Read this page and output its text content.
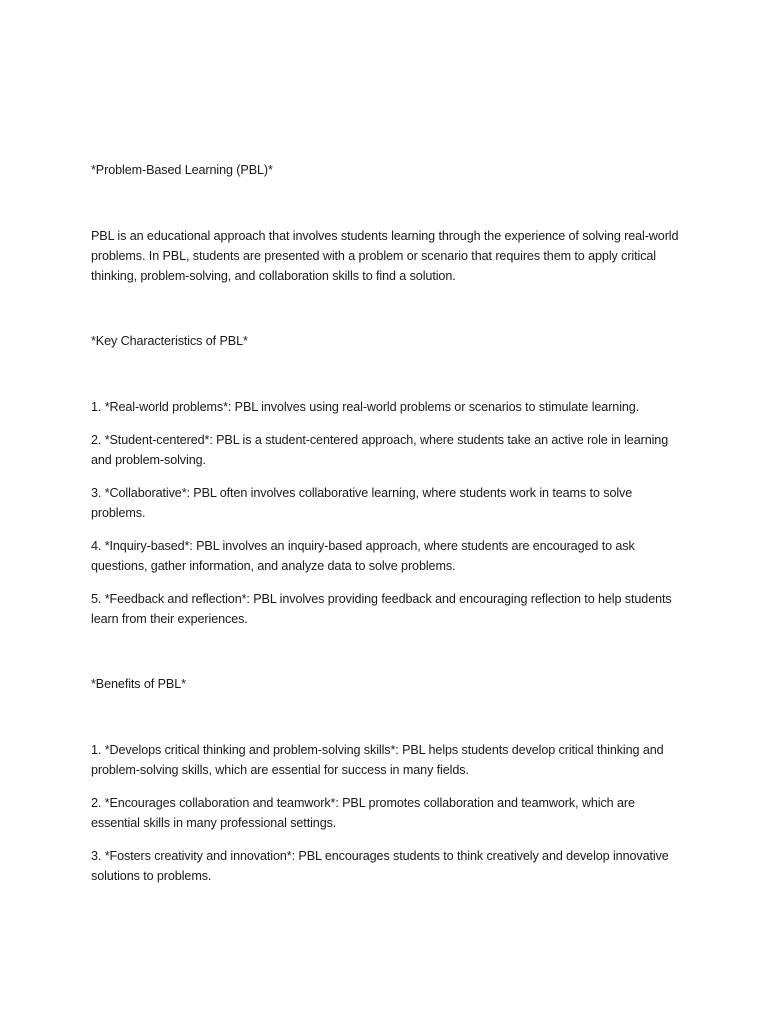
*Problem-Based Learning (PBL)*

PBL is an educational approach that involves students learning through the experience of solving real-world problems. In PBL, students are presented with a problem or scenario that requires them to apply critical thinking, problem-solving, and collaboration skills to find a solution.

*Key Characteristics of PBL*

1. *Real-world problems*: PBL involves using real-world problems or scenarios to stimulate learning.

2. *Student-centered*: PBL is a student-centered approach, where students take an active role in learning and problem-solving.

3. *Collaborative*: PBL often involves collaborative learning, where students work in teams to solve problems.

4. *Inquiry-based*: PBL involves an inquiry-based approach, where students are encouraged to ask questions, gather information, and analyze data to solve problems.

5. *Feedback and reflection*: PBL involves providing feedback and encouraging reflection to help students learn from their experiences.

*Benefits of PBL*

1. *Develops critical thinking and problem-solving skills*: PBL helps students develop critical thinking and problem-solving skills, which are essential for success in many fields.

2. *Encourages collaboration and teamwork*: PBL promotes collaboration and teamwork, which are essential skills in many professional settings.

3. *Fosters creativity and innovation*: PBL encourages students to think creatively and develop innovative solutions to problems.
